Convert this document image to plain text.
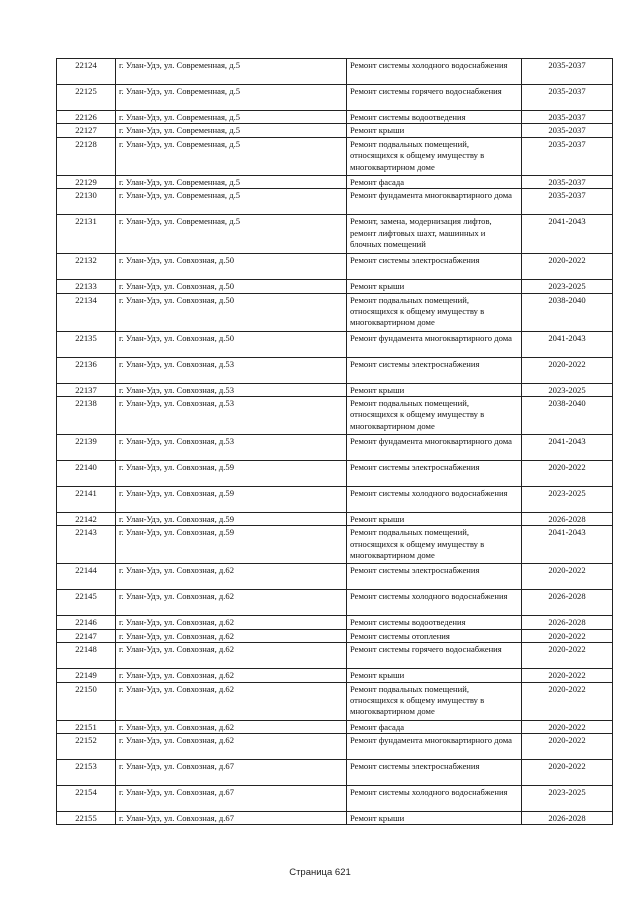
22124	г. Улан-Удэ, ул. Современная, д.5	Ремонт системы холодного водоснабжения	2035-2037
22125	г. Улан-Удэ, ул. Современная, д.5	Ремонт системы горячего водоснабжения	2035-2037
22126	г. Улан-Удэ, ул. Современная, д.5	Ремонт системы водоотведения	2035-2037
22127	г. Улан-Удэ, ул. Современная, д.5	Ремонт крыши	2035-2037
22128	г. Улан-Удэ, ул. Современная, д.5	Ремонт подвальных помещений, относящихся к общему имуществу в многоквартирном доме	2035-2037
22129	г. Улан-Удэ, ул. Современная, д.5	Ремонт фасада	2035-2037
22130	г. Улан-Удэ, ул. Современная, д.5	Ремонт фундамента многоквартирного дома	2035-2037
22131	г. Улан-Удэ, ул. Современная, д.5	Ремонт, замена, модернизация лифтов, ремонт лифтовых шахт, машинных и блочных помещений	2041-2043
22132	г. Улан-Удэ, ул. Совхозная, д.50	Ремонт системы электроснабжения	2020-2022
22133	г. Улан-Удэ, ул. Совхозная, д.50	Ремонт крыши	2023-2025
22134	г. Улан-Удэ, ул. Совхозная, д.50	Ремонт подвальных помещений, относящихся к общему имуществу в многоквартирном доме	2038-2040
22135	г. Улан-Удэ, ул. Совхозная, д.50	Ремонт фундамента многоквартирного дома	2041-2043
22136	г. Улан-Удэ, ул. Совхозная, д.53	Ремонт системы электроснабжения	2020-2022
22137	г. Улан-Удэ, ул. Совхозная, д.53	Ремонт крыши	2023-2025
22138	г. Улан-Удэ, ул. Совхозная, д.53	Ремонт подвальных помещений, относящихся к общему имуществу в многоквартирном доме	2038-2040
22139	г. Улан-Удэ, ул. Совхозная, д.53	Ремонт фундамента многоквартирного дома	2041-2043
22140	г. Улан-Удэ, ул. Совхозная, д.59	Ремонт системы электроснабжения	2020-2022
22141	г. Улан-Удэ, ул. Совхозная, д.59	Ремонт системы холодного водоснабжения	2023-2025
22142	г. Улан-Удэ, ул. Совхозная, д.59	Ремонт крыши	2026-2028
22143	г. Улан-Удэ, ул. Совхозная, д.59	Ремонт подвальных помещений, относящихся к общему имуществу в многоквартирном доме	2041-2043
22144	г. Улан-Удэ, ул. Совхозная, д.62	Ремонт системы электроснабжения	2020-2022
22145	г. Улан-Удэ, ул. Совхозная, д.62	Ремонт системы холодного водоснабжения	2026-2028
22146	г. Улан-Удэ, ул. Совхозная, д.62	Ремонт системы водоотведения	2026-2028
22147	г. Улан-Удэ, ул. Совхозная, д.62	Ремонт системы отопления	2020-2022
22148	г. Улан-Удэ, ул. Совхозная, д.62	Ремонт системы горячего водоснабжения	2020-2022
22149	г. Улан-Удэ, ул. Совхозная, д.62	Ремонт крыши	2020-2022
22150	г. Улан-Удэ, ул. Совхозная, д.62	Ремонт подвальных помещений, относящихся к общему имуществу в многоквартирном доме	2020-2022
22151	г. Улан-Удэ, ул. Совхозная, д.62	Ремонт фасада	2020-2022
22152	г. Улан-Удэ, ул. Совхозная, д.62	Ремонт фундамента многоквартирного дома	2020-2022
22153	г. Улан-Удэ, ул. Совхозная, д.67	Ремонт системы электроснабжения	2020-2022
22154	г. Улан-Удэ, ул. Совхозная, д.67	Ремонт системы холодного водоснабжения	2023-2025
22155	г. Улан-Удэ, ул. Совхозная, д.67	Ремонт крыши	2026-2028
Страница 621
